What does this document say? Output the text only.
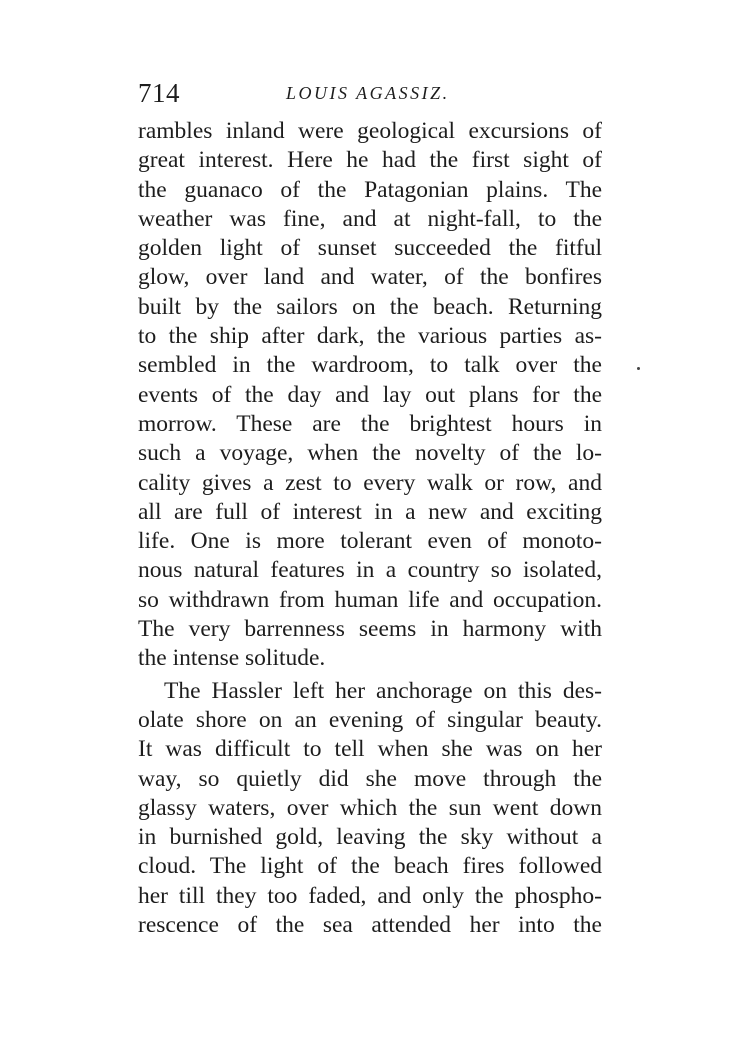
714	LOUIS AGASSIZ.
rambles inland were geological excursions of
great interest. Here he had the first sight of
the guanaco of the Patagonian plains. The
weather was fine, and at night-fall, to the
golden light of sunset succeeded the fitful
glow, over land and water, of the bonfires
built by the sailors on the beach. Returning
to the ship after dark, the various parties as-
sembled in the wardroom, to talk over the
events of the day and lay out plans for the
morrow. These are the brightest hours in
such a voyage, when the novelty of the lo-
cality gives a zest to every walk or row, and
all are full of interest in a new and exciting
life. One is more tolerant even of monoto-
nous natural features in a country so isolated,
so withdrawn from human life and occupation.
The very barrenness seems in harmony with
the intense solitude.
The Hassler left her anchorage on this des-
olate shore on an evening of singular beauty.
It was difficult to tell when she was on her
way, so quietly did she move through the
glassy waters, over which the sun went down
in burnished gold, leaving the sky without a
cloud. The light of the beach fires followed
her till they too faded, and only the phospho-
rescence of the sea attended her into the
